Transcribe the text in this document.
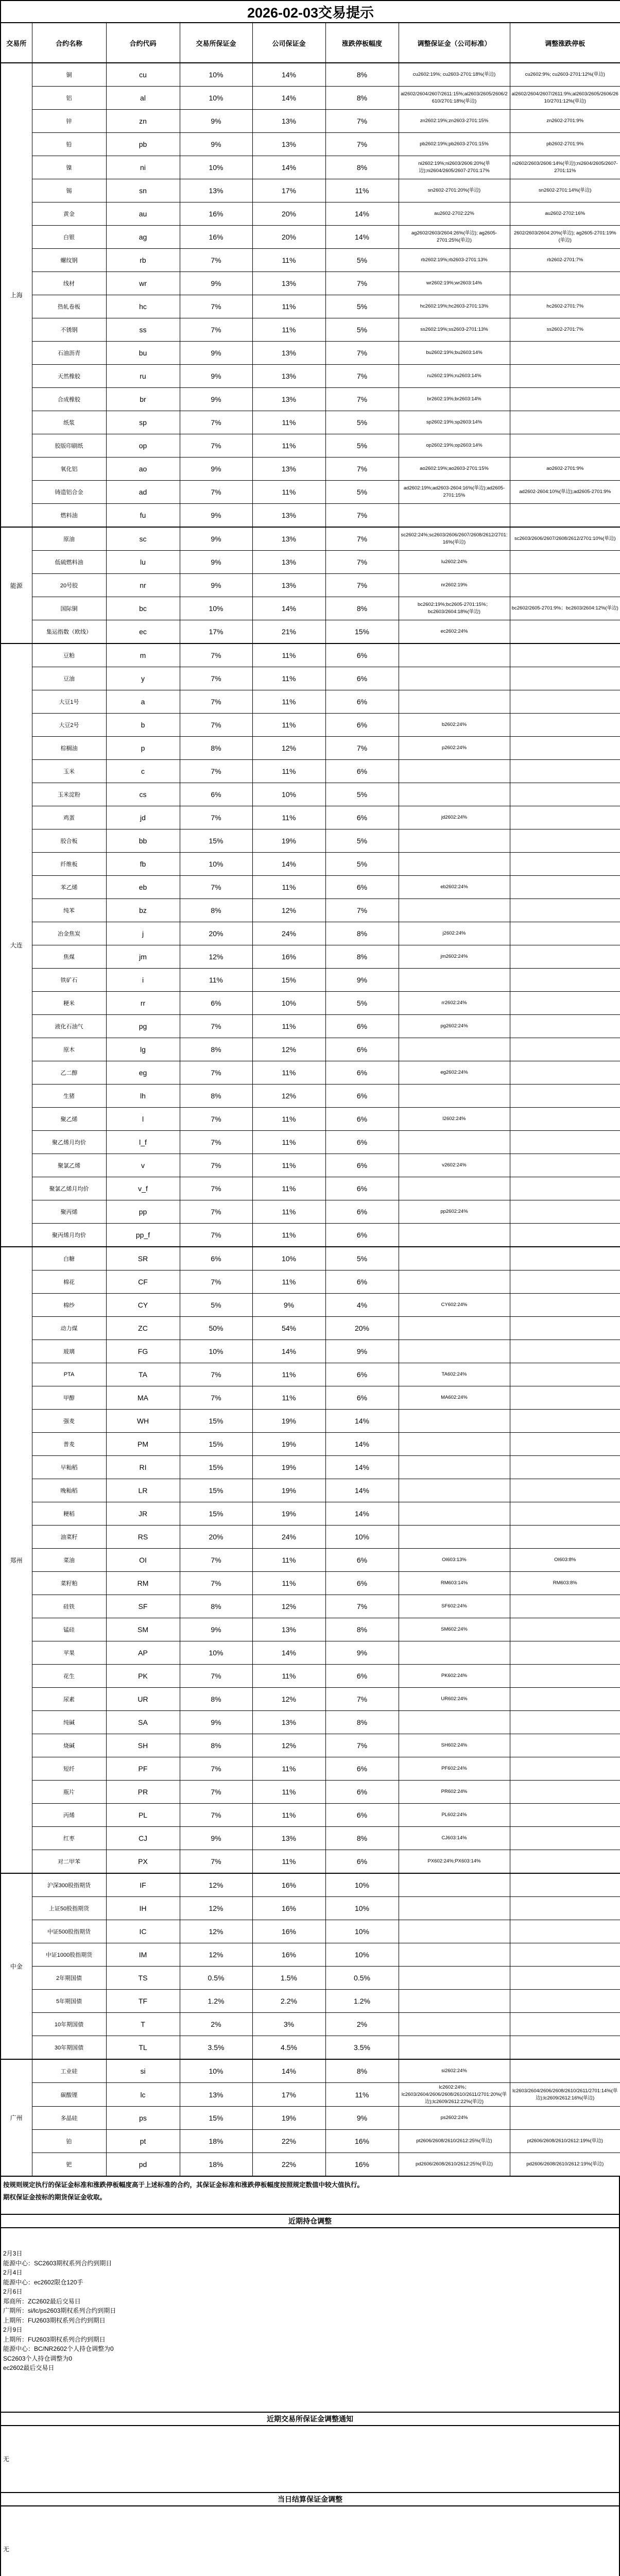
2026-02-03交易提示							
交易所	合约名称	合约代码	交易所保证金	公司保证金	涨跌停板幅度	调整保证金（公司标准）	调整涨跌停板
上海	铜	cu	10%	14%	8%	cu2602:19%; cu2603-2701:18%(单边)	cu2602:9%; cu2603-2701:12%(单边)
	铝	al	10%	14%	8%	al2602/2604/2607/2611:15%;al2603/2605/2606/2610/2701:18%(单边)	al2602/2604/2607/2611:9%;al2603/2605/2606/2610/2701:12%(单边)
	锌	zn	9%	13%	7%	zn2602:19%;zn2603-2701:15%	zn2602-2701:9%
	铅	pb	9%	13%	7%	pb2602:19%;pb2603-2701:15%	pb2602-2701:9%
	镍	ni	10%	14%	8%	ni2602:19%;ni2603/2606:20%(单边);ni2604/2605/2607-2701:17%	ni2602/2603/2606:14%(单边);ni2604/2605/2607-2701:11%
	锡	sn	13%	17%	11%	sn2602-2701:20%(单边)	sn2602-2701:14%(单边)
	黄金	au	16%	20%	14%	au2602-2702:22%	au2602-2702:16%
	白银	ag	16%	20%	14%	ag2602/2603/2604:26%(单边); ag2605-2701:25%(单边)	2602/2603/2604:20%(单边); ag2605-2701:19%(单边)
	螺纹钢	rb	7%	11%	5%	rb2602:19%;rb2603-2701:13%	rb2602-2701:7%
	线材	wr	9%	13%	7%	wr2602:19%;wr2603:14%	
	热轧卷板	hc	7%	11%	5%	hc2602:19%;hc2603-2701:13%	hc2602-2701:7%
	不锈钢	ss	7%	11%	5%	ss2602:19%;ss2603-2701:13%	ss2602-2701:7%
	石油沥青	bu	9%	13%	7%	bu2602:19%;bu2603:14%	
	天然橡胶	ru	9%	13%	7%	ru2602:19%;ru2603:14%	
	合成橡胶	br	9%	13%	7%	br2602:19%;br2603:14%	
	纸浆	sp	7%	11%	5%	sp2602:19%;sp2603:14%	
	胶版印刷纸	op	7%	11%	5%	op2602:19%;op2603:14%	
	氧化铝	ao	9%	13%	7%	ao2602:19%;ao2603-2701:15%	ao2602-2701:9%
	铸造铝合金	ad	7%	11%	5%	ad2602:19%;ad2603-2604:16%(单边);ad2605-2701:15%	ad2602-2604:10%(单边);ad2605-2701:9%
	燃料油	fu	9%	13%	7%		
能源	原油	sc	9%	13%	7%	sc2602:24%;sc2603/2606/2607/2608/2612/2701:16%(单边)	sc2603/2606/2607/2608/2612/2701:10%(单边)
	低硫燃料油	lu	9%	13%	7%	lu2602:24%	
	20号胶	nr	9%	13%	7%	nr2602:19%	
	国际铜	bc	10%	14%	8%	bc2602:19%;bc2605-2701:15%；bc2603/2604:18%(单边)	bc2602/2605-2701:9%；bc2603/2604:12%(单边)
	集运指数（欧线）	ec	17%	21%	15%	ec2602:24%	
大连	豆粕	m	7%	11%	6%		
	豆油	y	7%	11%	6%		
	大豆1号	a	7%	11%	6%		
	大豆2号	b	7%	11%	6%	b2602:24%	
	棕榈油	p	8%	12%	7%	p2602:24%	
	玉米	c	7%	11%	6%		
	玉米淀粉	cs	6%	10%	5%		
	鸡蛋	jd	7%	11%	6%	jd2602:24%	
	胶合板	bb	15%	19%	5%		
	纤维板	fb	10%	14%	5%		
	苯乙烯	eb	7%	11%	6%	eb2602:24%	
	纯苯	bz	8%	12%	7%		
	冶金焦炭	j	20%	24%	8%	j2602:24%	
	焦煤	jm	12%	16%	8%	jm2602:24%	
	铁矿石	i	11%	15%	9%		
	粳米	rr	6%	10%	5%	rr2602:24%	
	液化石油气	pg	7%	11%	6%	pg2602:24%	
	原木	lg	8%	12%	6%		
	乙二醇	eg	7%	11%	6%	eg2602:24%	
	生猪	lh	8%	12%	6%		
	聚乙烯	l	7%	11%	6%	l2602:24%	
	聚乙烯月均价	l_f	7%	11%	6%		
	聚氯乙烯	v	7%	11%	6%	v2602:24%	
	聚氯乙烯月均价	v_f	7%	11%	6%		
	聚丙烯	pp	7%	11%	6%	pp2602:24%	
	聚丙烯月均价	pp_f	7%	11%	6%		
郑州	白糖	SR	6%	10%	5%		
	棉花	CF	7%	11%	6%		
	棉纱	CY	5%	9%	4%	CY602:24%	
	动力煤	ZC	50%	54%	20%		
	玻璃	FG	10%	14%	9%		
	PTA	TA	7%	11%	6%	TA602:24%	
	甲醇	MA	7%	11%	6%	MA602:24%	
	强麦	WH	15%	19%	14%		
	普麦	PM	15%	19%	14%		
	早籼稻	RI	15%	19%	14%		
	晚籼稻	LR	15%	19%	14%		
	粳稻	JR	15%	19%	14%		
	油菜籽	RS	20%	24%	10%		
	菜油	OI	7%	11%	6%	OI603:13%	OI603:8%
	菜籽粕	RM	7%	11%	6%	RM603:14%	RM603:8%
	硅铁	SF	8%	12%	7%	SF602:24%	
	锰硅	SM	9%	13%	8%	SM602:24%	
	苹果	AP	10%	14%	9%		
	花生	PK	7%	11%	6%	PK602:24%	
	尿素	UR	8%	12%	7%	UR602:24%	
	纯碱	SA	9%	13%	8%		
	烧碱	SH	8%	12%	7%	SH602:24%	
	短纤	PF	7%	11%	6%	PF602:24%	
	瓶片	PR	7%	11%	6%	PR602:24%	
	丙烯	PL	7%	11%	6%	PL602:24%	
	红枣	CJ	9%	13%	8%	CJ603:14%	
	对二甲苯	PX	7%	11%	6%	PX602:24%;PX603:14%	
中金	沪深300股指期货	IF	12%	16%	10%		
	上证50股指期货	IH	12%	16%	10%		
	中证500股指期货	IC	12%	16%	10%		
	中证1000股指期货	IM	12%	16%	10%		
	2年期国债	TS	0.5%	1.5%	0.5%		
	5年期国债	TF	1.2%	2.2%	1.2%		
	10年期国债	T	2%	3%	2%		
	30年期国债	TL	3.5%	4.5%	3.5%		
广州	工业硅	si	10%	14%	8%	si2602:24%	
	碳酸锂	lc	13%	17%	11%	lc2602:24%；lc2603/2604/2606/2608/2610/2611/2701:20%(单边);lc2609/2612:22%(单边)	lc2603/2604/2606/2608/2610/2611/2701:14%(单边);lc2609/2612:16%(单边)
	多晶硅	ps	15%	19%	9%	ps2602:24%	
	铂	pt	18%	22%	16%	pt2606/2608/2610/2612:25%(单边)	pt2606/2608/2610/2612:19%(单边)
	钯	pd	18%	22%	16%	pd2606/2608/2610/2612:25%(单边)	pd2606/2608/2610/2612:19%(单边)
按规则规定执行的保证金标准和涨跌停板幅度高于上述标准的合约，其保证金标准和涨跌停板幅度按照规定数值中较大值执行。
期权保证金按标的期货保证金收取。
近期持仓调整
2月3日
能源中心：SC2603期权系列合约到期日
2月4日
能源中心：ec2602限仓120手
2月6日
郑商所：ZC2602最后交易日
广期所：si/lc/ps2603期权系列合约到期日
上期所：FU2603期权系列合约到期日
2月9日
上期所：FU2603期权系列合约到期日
能源中心：BC/NR2602个人持仓调整为0
SC2603个人持仓调整为0
ec2602最后交易日
近期交易所保证金调整通知
无
当日结算保证金调整
无
